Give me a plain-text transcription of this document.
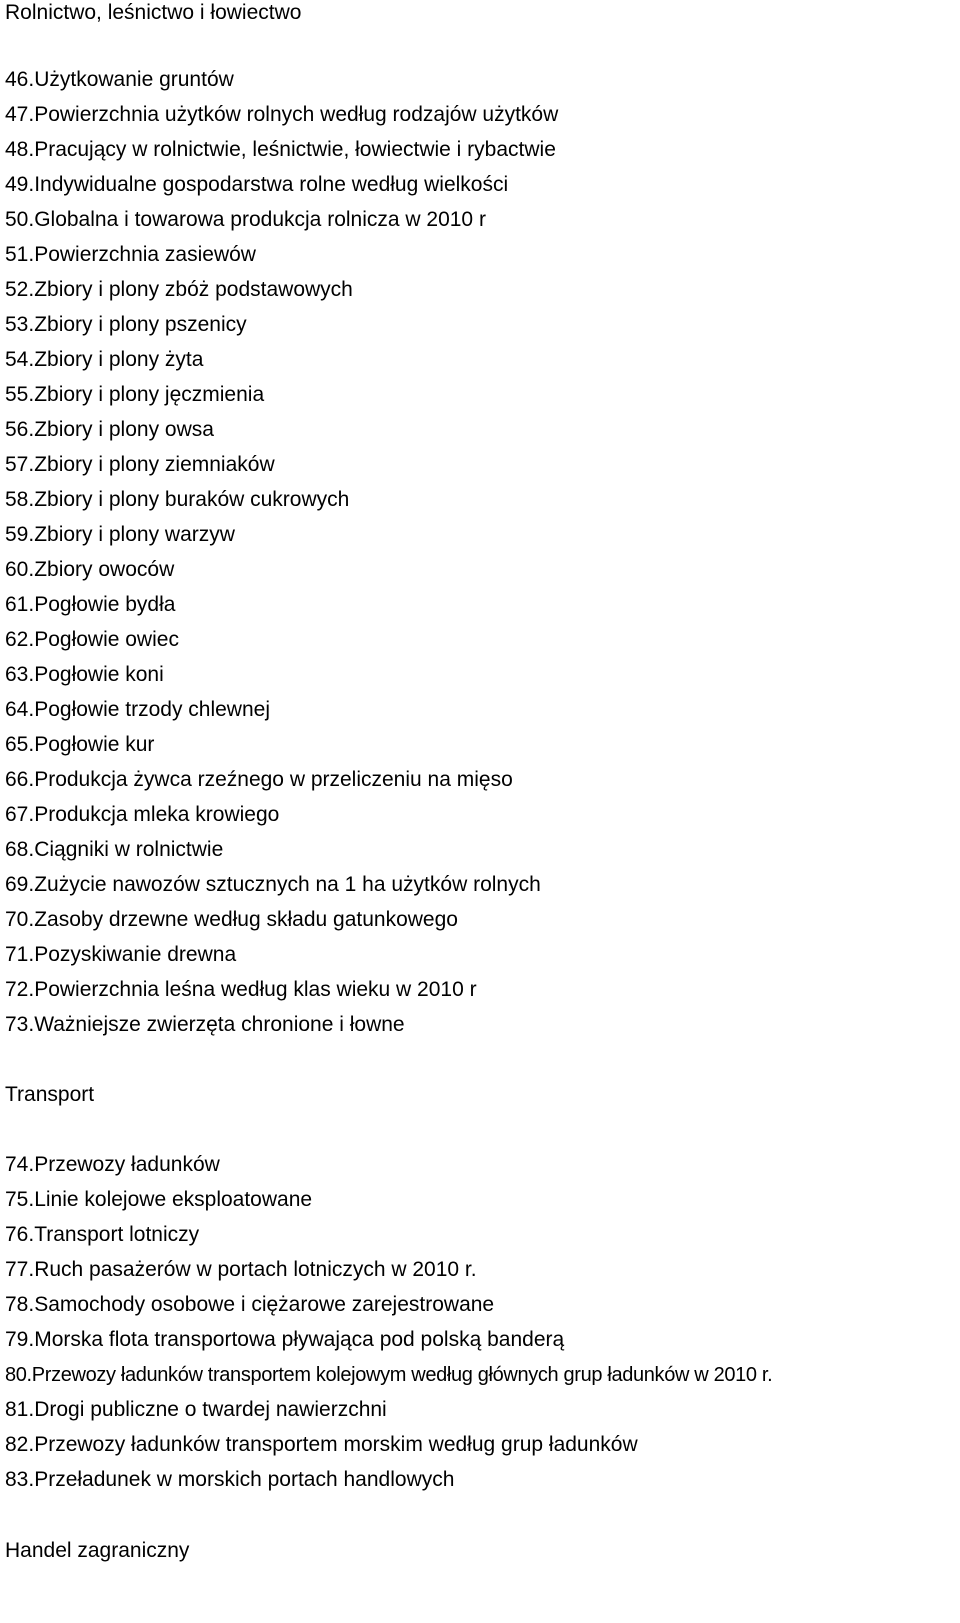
Rolnictwo, leśnictwo i łowiectwo
46.Użytkowanie gruntów
47.Powierzchnia użytków rolnych według rodzajów użytków
48.Pracujący w rolnictwie, leśnictwie, łowiectwie i rybactwie
49.Indywidualne gospodarstwa rolne według wielkości
50.Globalna i towarowa produkcja rolnicza w 2010 r
51.Powierzchnia zasiewów
52.Zbiory i plony zbóż podstawowych
53.Zbiory i plony pszenicy
54.Zbiory i plony żyta
55.Zbiory i plony jęczmienia
56.Zbiory i plony owsa
57.Zbiory i plony ziemniaków
58.Zbiory i plony buraków cukrowych
59.Zbiory i plony warzyw
60.Zbiory owoców
61.Pogłowie bydła
62.Pogłowie owiec
63.Pogłowie koni
64.Pogłowie trzody chlewnej
65.Pogłowie kur
66.Produkcja żywca rzeźnego w przeliczeniu na mięso
67.Produkcja mleka krowiego
68.Ciągniki w rolnictwie
69.Zużycie nawozów sztucznych na 1 ha użytków rolnych
70.Zasoby drzewne według składu gatunkowego
71.Pozyskiwanie drewna
72.Powierzchnia leśna według klas wieku w 2010 r
73.Ważniejsze zwierzęta chronione i łowne
Transport
74.Przewozy ładunków
75.Linie kolejowe eksploatowane
76.Transport lotniczy
77.Ruch pasażerów w portach lotniczych w 2010 r.
78.Samochody osobowe i ciężarowe zarejestrowane
79.Morska flota transportowa pływająca pod polską banderą
80.Przewozy ładunków transportem kolejowym według głównych grup ładunków w 2010 r.
81.Drogi publiczne o twardej nawierzchni
82.Przewozy ładunków transportem morskim według grup ładunków
83.Przeładunek w morskich portach handlowych
Handel zagraniczny
